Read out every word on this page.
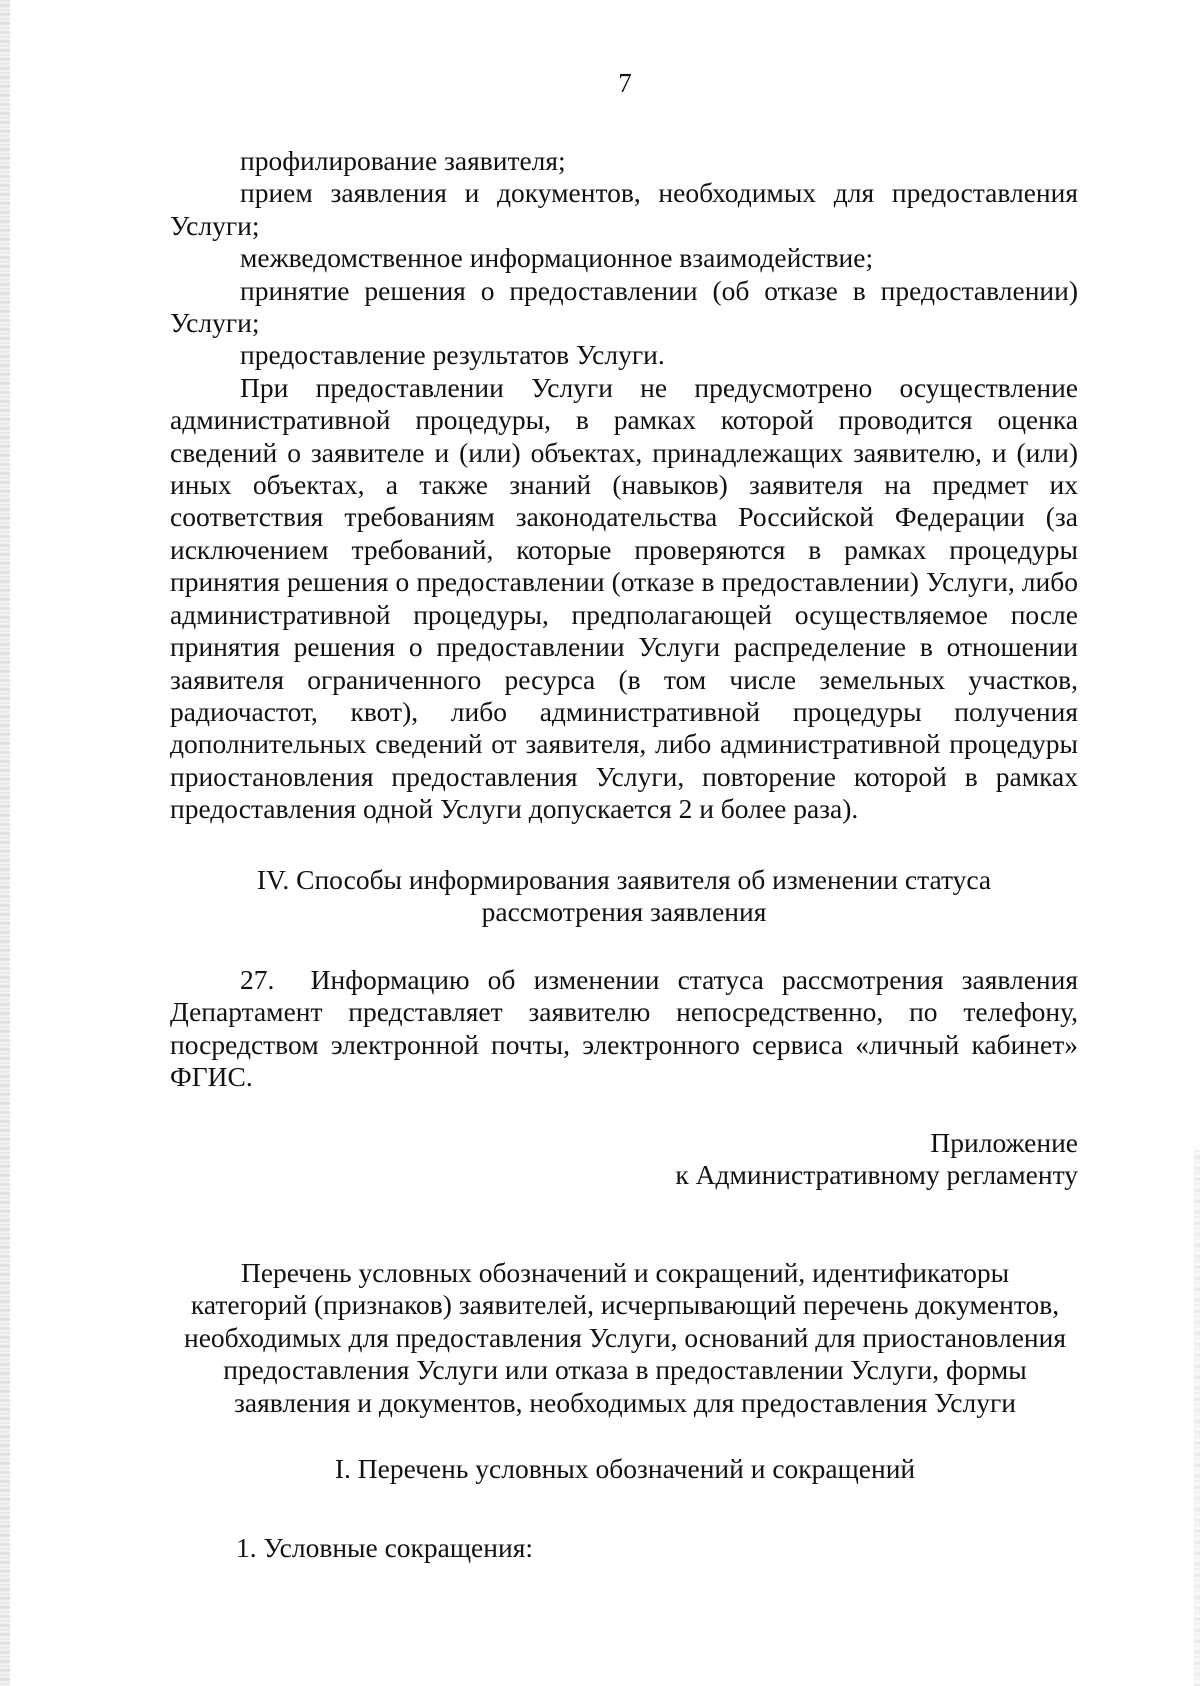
7

профилирование заявителя;

прием заявления и документов, необходимых для предоставления Услуги;

межведомственное информационное взаимодействие;

принятие решения о предоставлении (об отказе в предоставлении) Услуги;

предоставление результатов Услуги.

При предоставлении Услуги не предусмотрено осуществление административной процедуры, в рамках которой проводится оценка сведений о заявителе и (или) объектах, принадлежащих заявителю, и (или) иных объектах, а также знаний (навыков) заявителя на предмет их соответствия требованиям законодательства Российской Федерации (за исключением требований, которые проверяются в рамках процедуры принятия решения о предоставлении (отказе в предоставлении) Услуги, либо административной процедуры, предполагающей осуществляемое после принятия решения о предоставлении Услуги распределение в отношении заявителя ограниченного ресурса (в том числе земельных участков, радиочастот, квот), либо административной процедуры получения дополнительных сведений от заявителя, либо административной процедуры приостановления предоставления Услуги, повторение которой в рамках предоставления одной Услуги допускается 2 и более раза).

IV. Способы информирования заявителя об изменении статуса
рассмотрения заявления

27.  Информацию об изменении статуса рассмотрения заявления Департамент представляет заявителю непосредственно, по телефону, посредством электронной почты, электронного сервиса «личный кабинет» ФГИС.

Приложение
к Административному регламенту
Перечень условных обозначений и сокращений, идентификаторы
категорий (признаков) заявителей, исчерпывающий перечень документов,
необходимых для предоставления Услуги, оснований для приостановления
предоставления Услуги или отказа в предоставлении Услуги, формы
заявления и документов, необходимых для предоставления Услуги
I. Перечень условных обозначений и сокращений
1. Условные сокращения:
